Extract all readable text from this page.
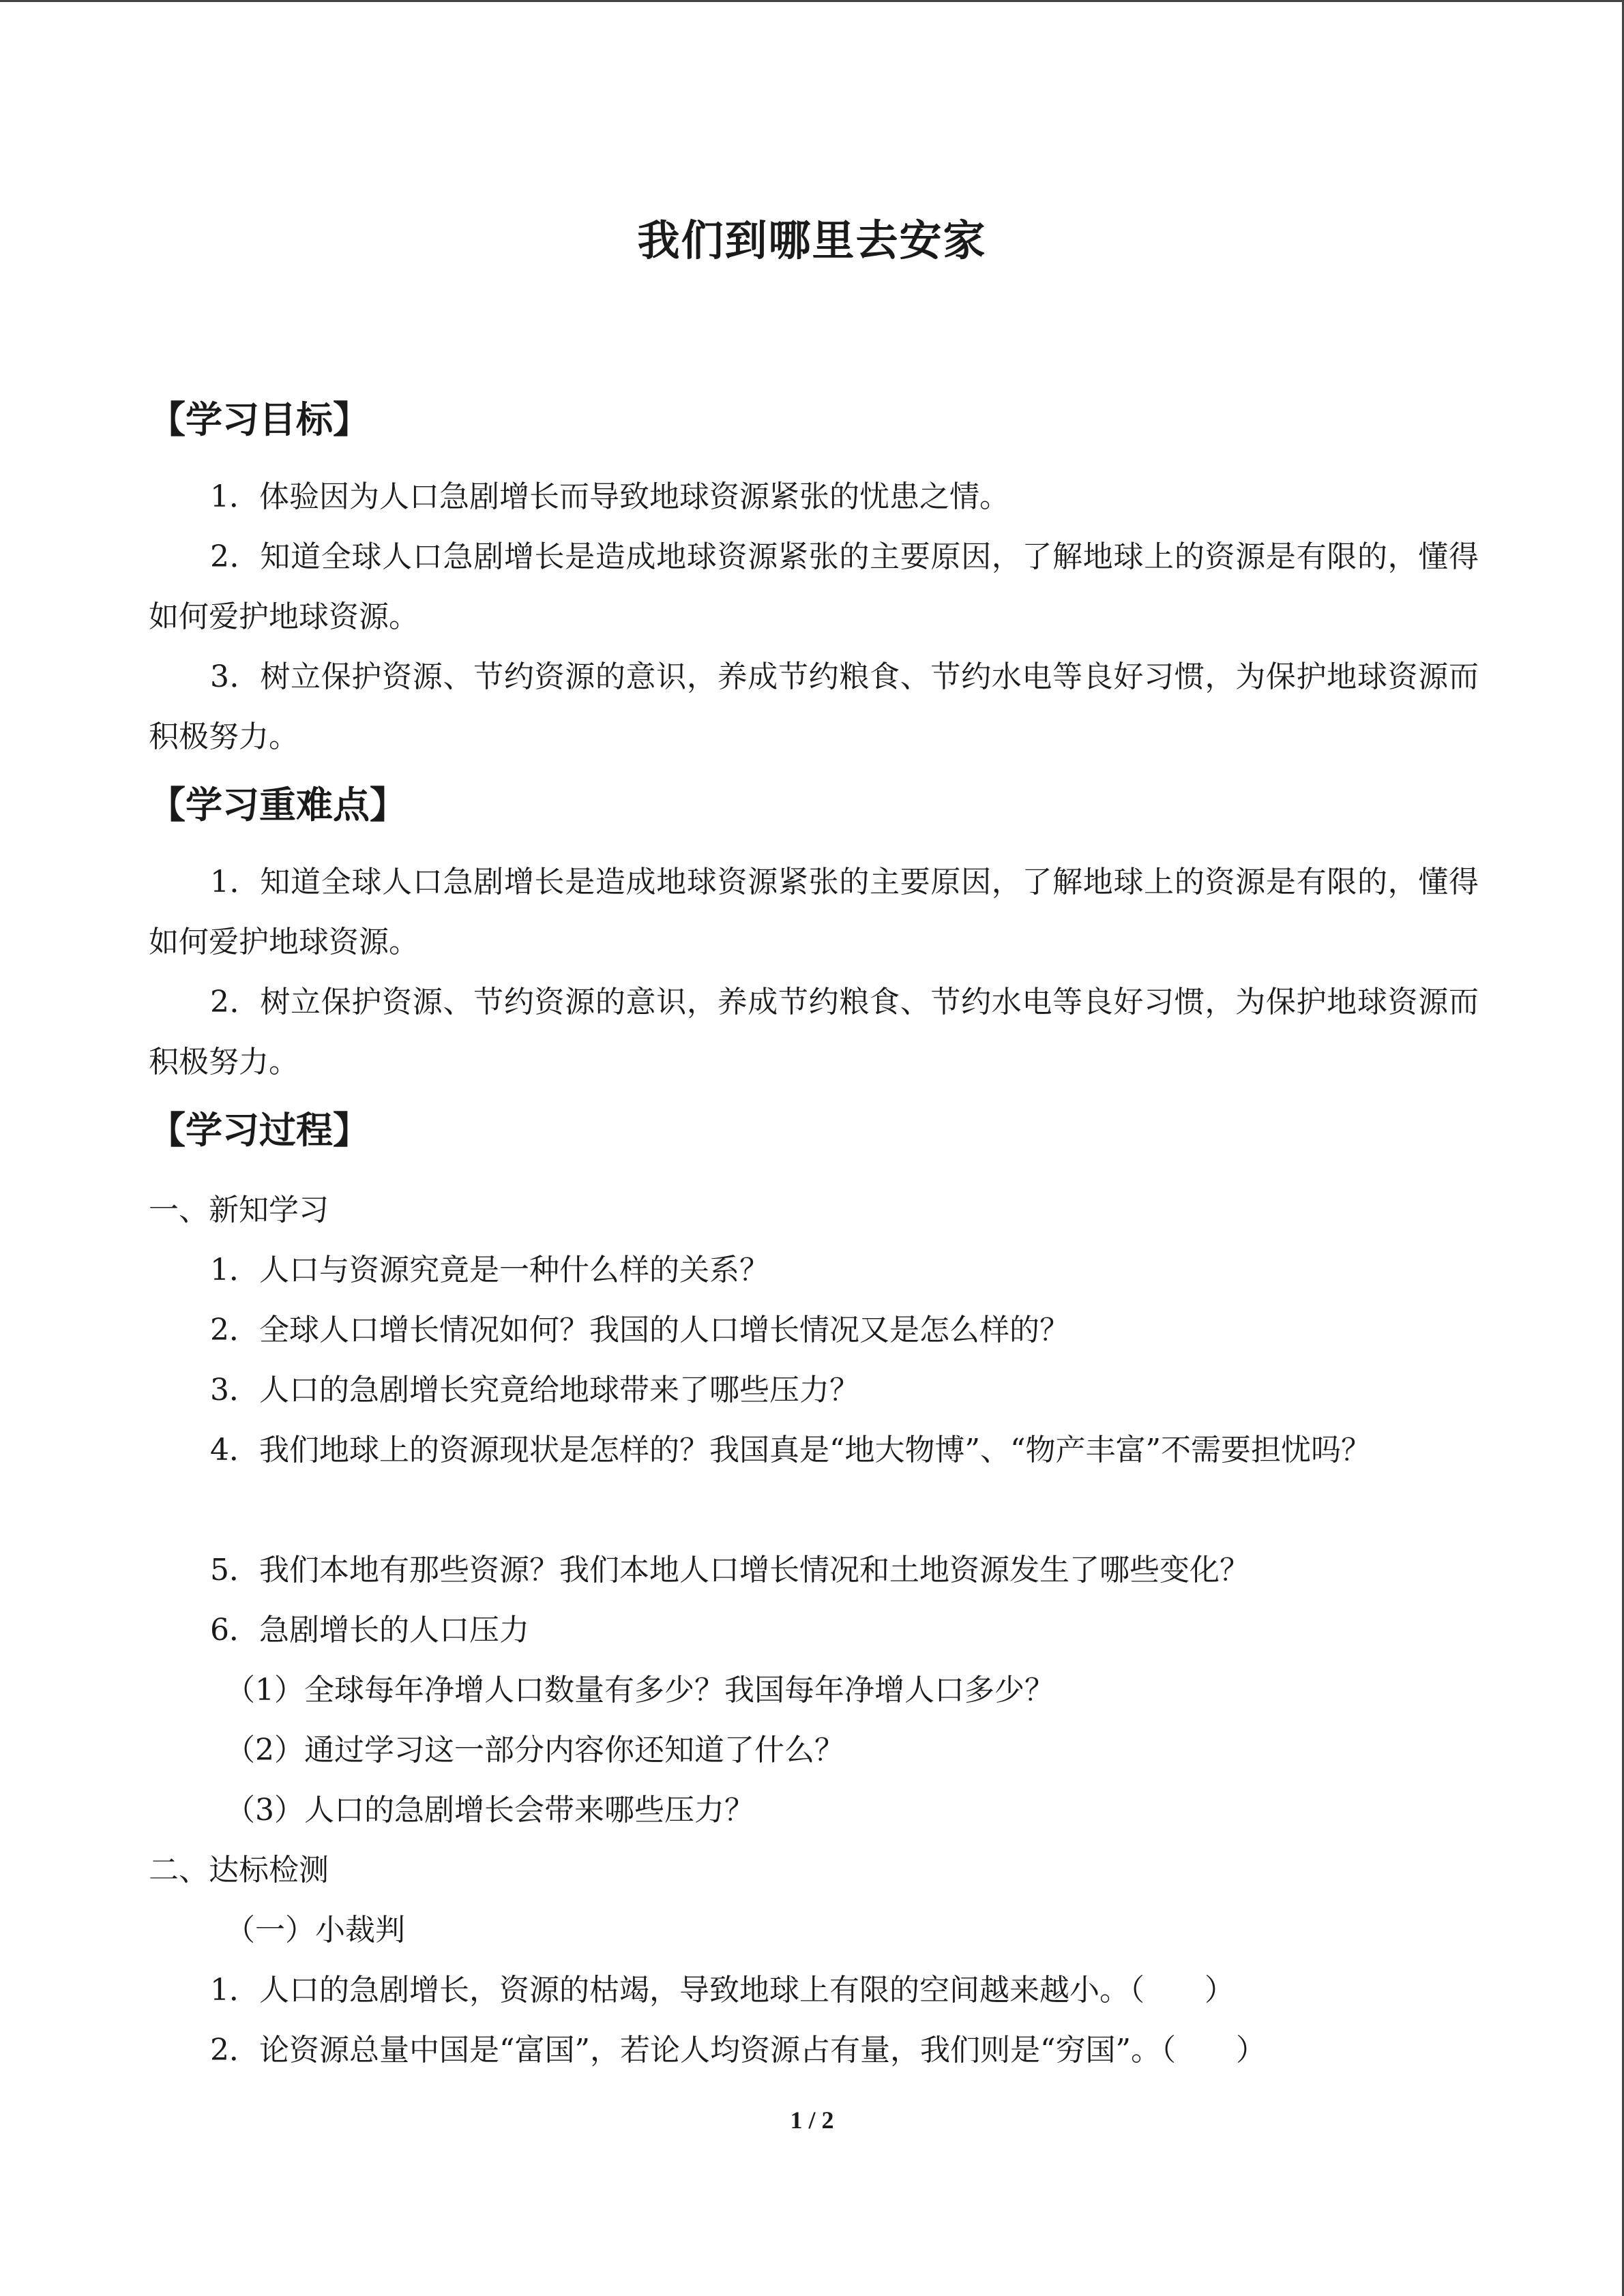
我们到哪里去安家
【学习目标】

1．体验因为人口急剧增长而导致地球资源紧张的忧患之情。

2．知道全球人口急剧增长是造成地球资源紧张的主要原因，了解地球上的资源是有限的，懂得如何爱护地球资源。

3．树立保护资源、节约资源的意识，养成节约粮食、节约水电等良好习惯，为保护地球资源而积极努力。

【学习重难点】

1．知道全球人口急剧增长是造成地球资源紧张的主要原因，了解地球上的资源是有限的，懂得如何爱护地球资源。

2．树立保护资源、节约资源的意识，养成节约粮食、节约水电等良好习惯，为保护地球资源而积极努力。

【学习过程】

一、新知学习

1．人口与资源究竟是一种什么样的关系？

2．全球人口增长情况如何？我国的人口增长情况又是怎么样的？

3．人口的急剧增长究竟给地球带来了哪些压力？

4．我们地球上的资源现状是怎样的？我国真是“地大物博”、“物产丰富”不需要担忧吗？

5．我们本地有那些资源？我们本地人口增长情况和土地资源发生了哪些变化？

6．急剧增长的人口压力

（1）全球每年净增人口数量有多少？我国每年净增人口多少？

（2）通过学习这一部分内容你还知道了什么？

（3）人口的急剧增长会带来哪些压力？

二、达标检测

（一）小裁判

1．人口的急剧增长，资源的枯竭，导致地球上有限的空间越来越小。（　　）

2．论资源总量中国是“富国”，若论人均资源占有量，我们则是“穷国”。（　　）

1 / 2
